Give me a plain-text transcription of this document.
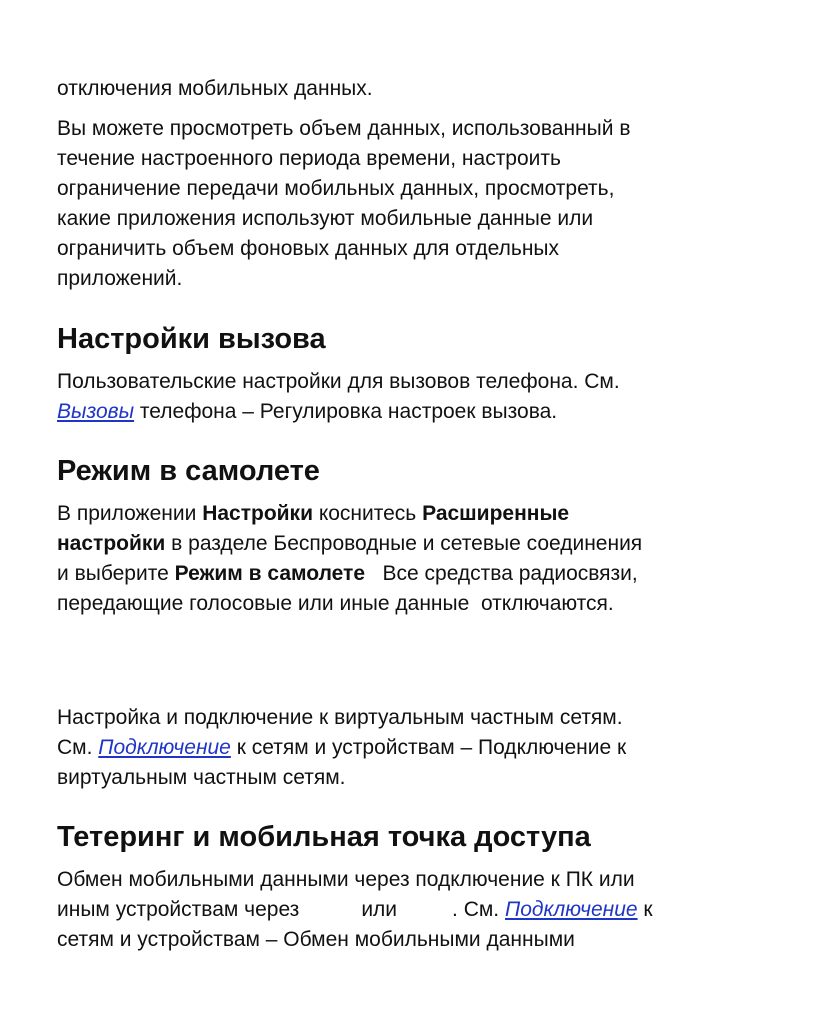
отключения мобильных данных.

Вы можете просмотреть объем данных, использованный в

течение настроенного периода времени, настроить

ограничение передачи мобильных данных, просмотреть,

какие приложения используют мобильные данные или

ограничить объем фоновых данных для отдельных

приложений.

Настройки вызова

Пользовательские настройки для вызовов телефона. См.

Вызовы телефона – Регулировка настроек вызова.

Режим в самолете

В приложении Настройки коснитесь Расширенные

настройки в разделе Беспроводные и сетевые соединения

и выберите Режим в самолете   Все средства радиосвязи,

передающие голосовые или иные данные  отключаются.

Настройка и подключение к виртуальным частным сетям.

См. Подключение к сетям и устройствам – Подключение к

виртуальным частным сетям.

Тетеринг и мобильная точка доступа

Обмен мобильными данными через подключение к ПК или

иным устройствам через	или	. См. Подключение к

сетям и устройствам – Обмен мобильными данными
